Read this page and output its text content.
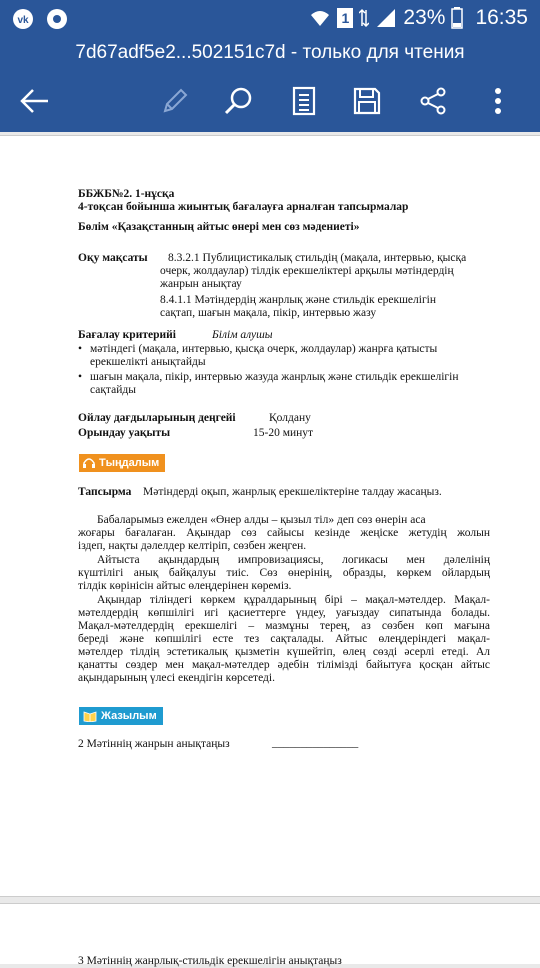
vk	1	23% 16:35
7d67adf5e2...502151c7d - только для чтения
ББЖБ№2. 1-нұсқа
4-тоқсан бойынша жиынтық бағалауға арналған тапсырмалар
Бөлім «Қазақстанның айтыс өнері мен сөз мәдениеті»
Оқу мақсаты 8.3.2.1 Публицистикалық стильдің (мақала, интервью, қысқа
очерк, жолдаулар) тілдік ерекшеліктері арқылы мәтіндердің
жанрын анықтау
8.4.1.1 Мәтіндердің жанрлық және стильдік ерекшелігін
сақтап, шағын мақала, пікір, интервью жазу
Бағалау критерийі	Білім алушы
• мәтіндегі (мақала, интервью, қысқа очерк, жолдаулар) жанрға қатысты
ерекшелікті анықтайды
• шағын мақала, пікір, интервью жазуда жанрлық және стильдік ерекшелігін
сақтайды
Ойлау дағдыларының деңгейі	Қолдану
Орындау уақыты	15-20 минут
Тыңдалым
Тапсырма Мәтіндерді оқып, жанрлық ерекшеліктеріне талдау жасаңыз.
Бабаларымыз ежелден «Өнер алды – қызыл тіл» деп сөз өнерін аса
жоғары бағалаған. Ақындар сөз сайысы кезінде жеңіске жетудің жолын
іздеп, нақты дәлелдер келтіріп, сөзбен жеңген.
Айтыста ақындардың импровизациясы, логикасы мен дәлелінің
күштілігі анық байқалуы тиіс. Сөз өнерінің, образды, көркем ойлардың
тілдік көрінісін айтыс өлеңдерінен көреміз.
Ақындар тіліндегі көркем құралдарының бірі – мақал-мәтелдер. Мақал-
мәтелдердің көпшілігі игі қасиеттерге үндеу, уағыздау сипатында болады.
Мақал-мәтелдердің ерекшелігі – мазмұны терең, аз сөзбен көп мағына
береді және көпшілігі есте тез сақталады. Айтыс өлеңдеріндегі мақал-
мәтелдер тілдің эстетикалық қызметін күшейтіп, өлең сөзді әсерлі етеді. Ал
қанатты сөздер мен мақал-мәтелдер әдебін тілімізді байытуға қосқан айтыс
ақындарының үлесі екендігін көрсетеді.
Жазылым
2 Мәтіннің жанрын анықтаңыз	_______________
3 Мәтіннің жанрлық-стильдік ерекшелігін анықтаңыз
